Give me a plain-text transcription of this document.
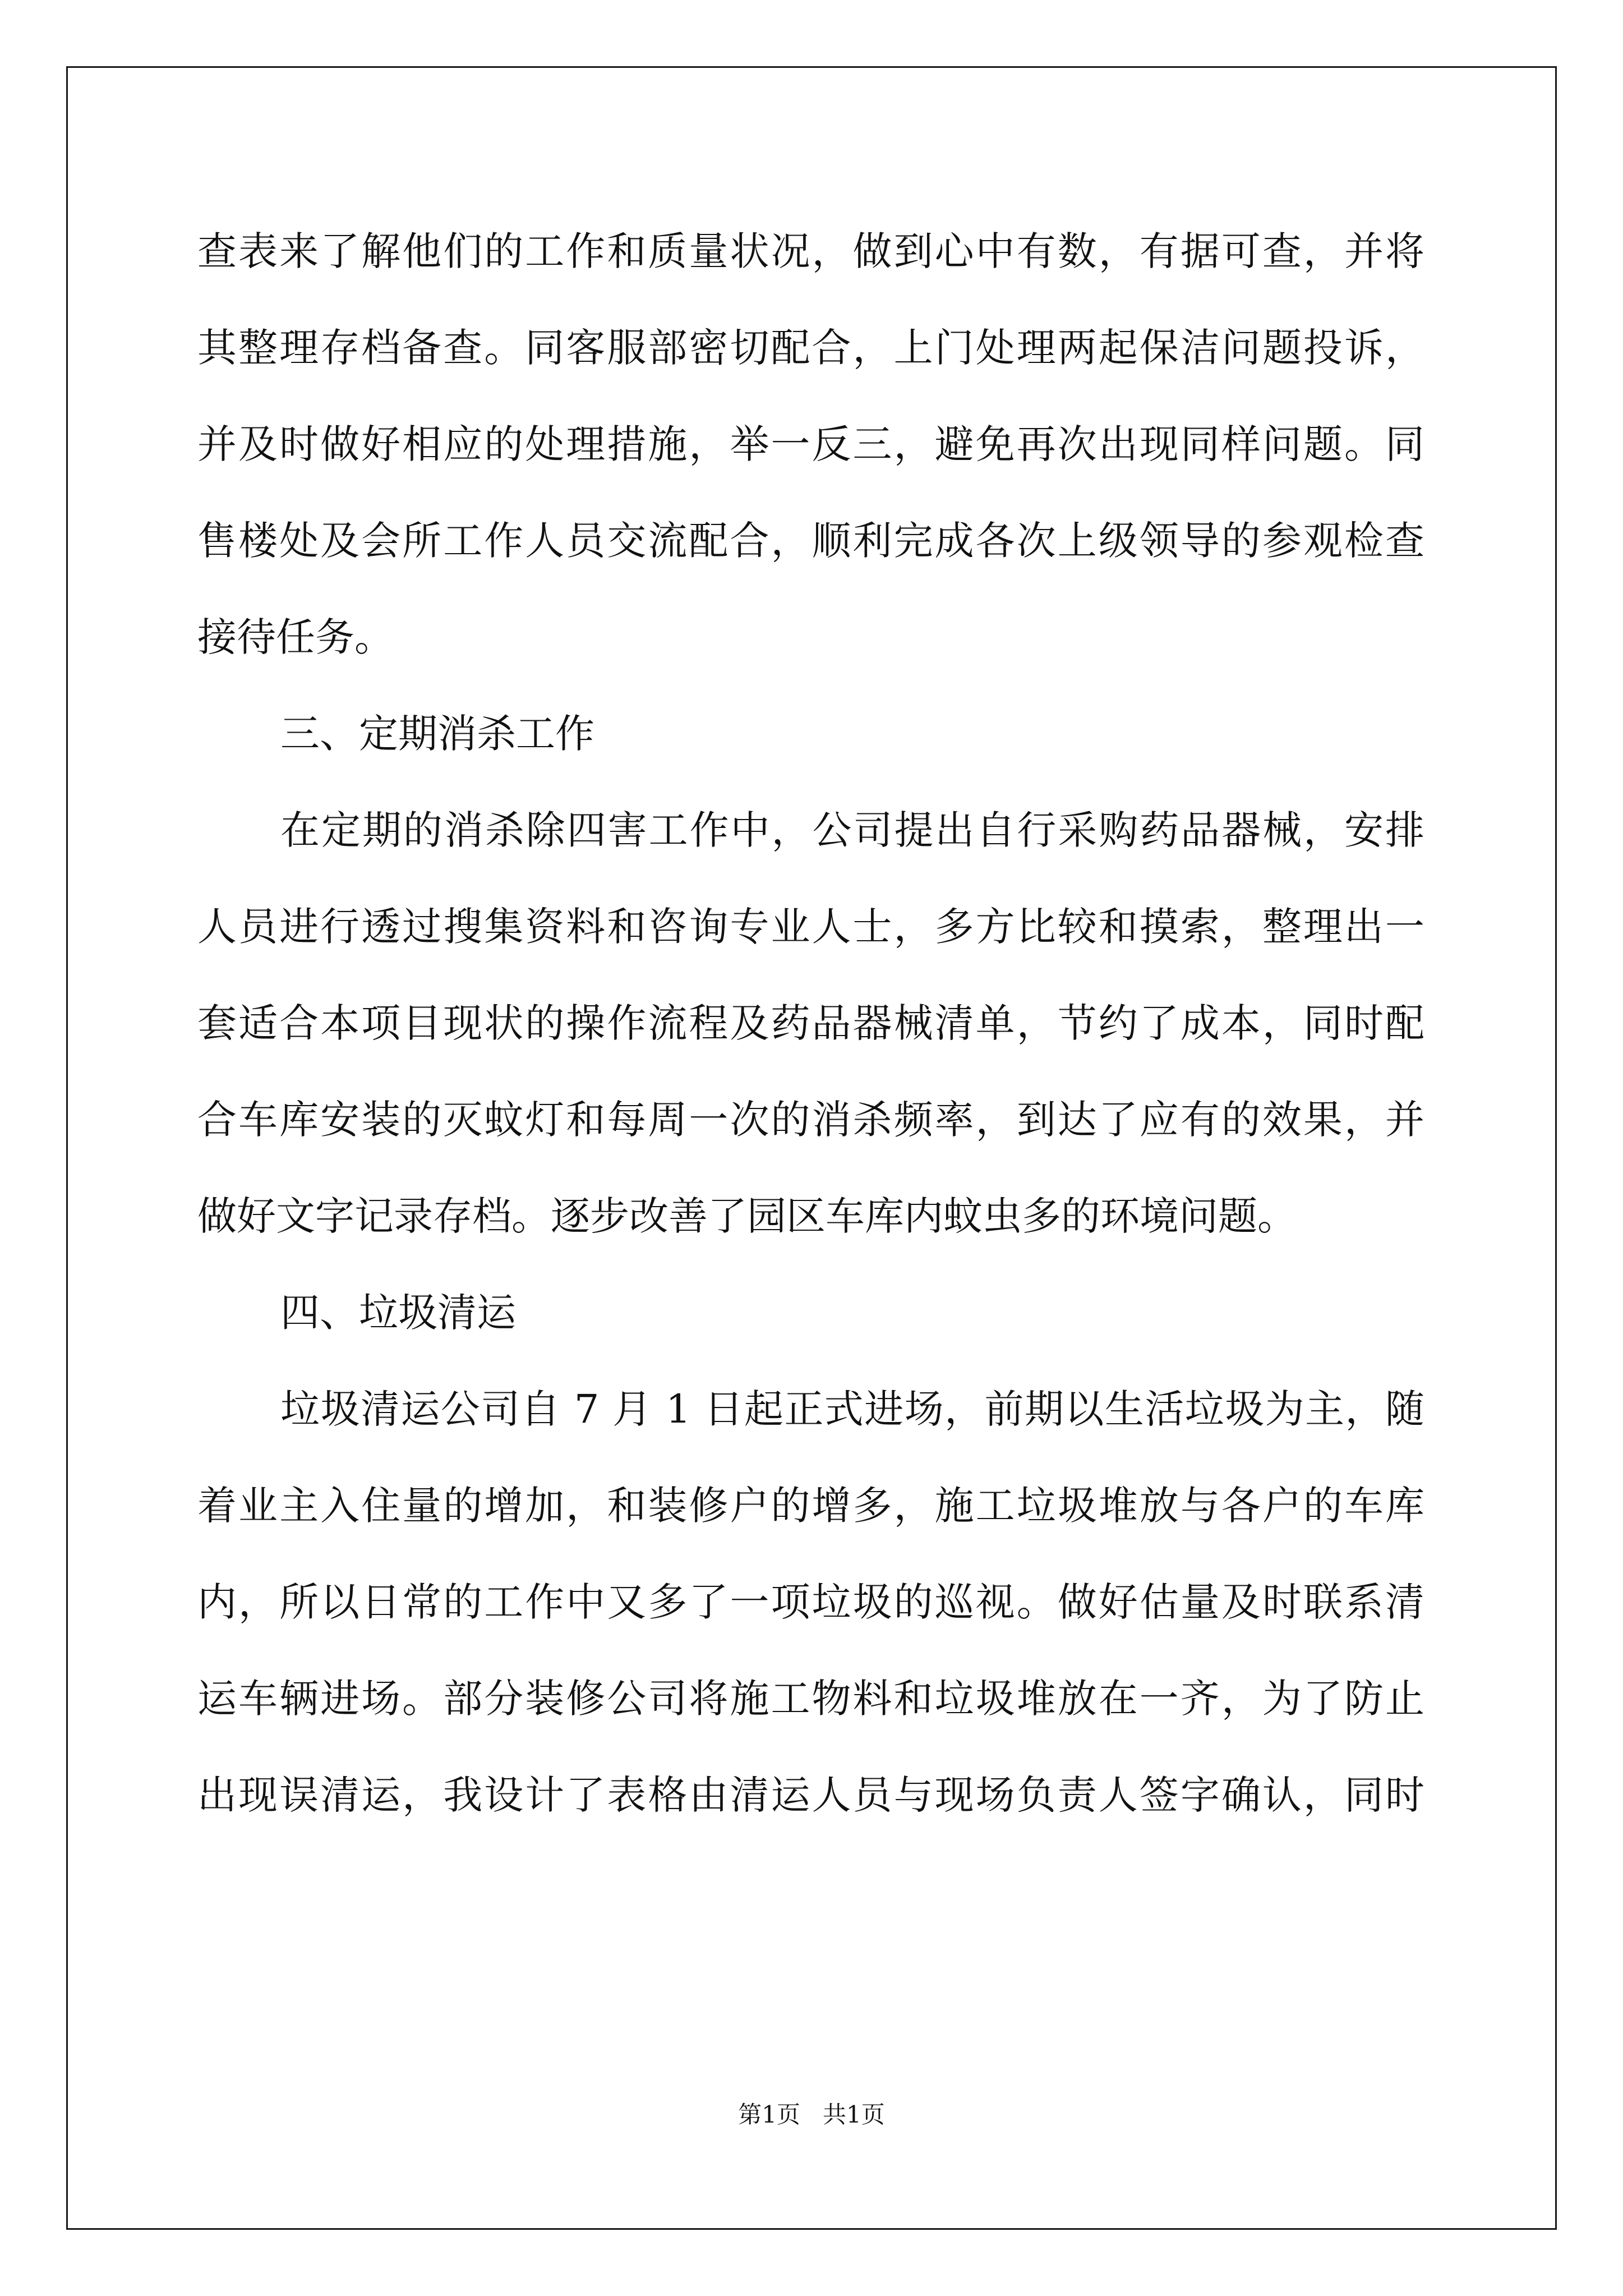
查表来了解他们的工作和质量状况，做到心中有数，有据可查，并将

其整理存档备查。同客服部密切配合，上门处理两起保洁问题投诉，

并及时做好相应的处理措施，举一反三，避免再次出现同样问题。同

售楼处及会所工作人员交流配合，顺利完成各次上级领导的参观检查

接待任务。

三、定期消杀工作

在定期的消杀除四害工作中，公司提出自行采购药品器械，安排

人员进行透过搜集资料和咨询专业人士，多方比较和摸索，整理出一

套适合本项目现状的操作流程及药品器械清单，节约了成本，同时配

合车库安装的灭蚊灯和每周一次的消杀频率，到达了应有的效果，并

做好文字记录存档。逐步改善了园区车库内蚊虫多的环境问题。

四、垃圾清运

垃圾清运公司自 7 月 1 日起正式进场，前期以生活垃圾为主，随

着业主入住量的增加，和装修户的增多，施工垃圾堆放与各户的车库

内，所以日常的工作中又多了一项垃圾的巡视。做好估量及时联系清

运车辆进场。部分装修公司将施工物料和垃圾堆放在一齐，为了防止

出现误清运，我设计了表格由清运人员与现场负责人签字确认，同时

第1页   共1页
